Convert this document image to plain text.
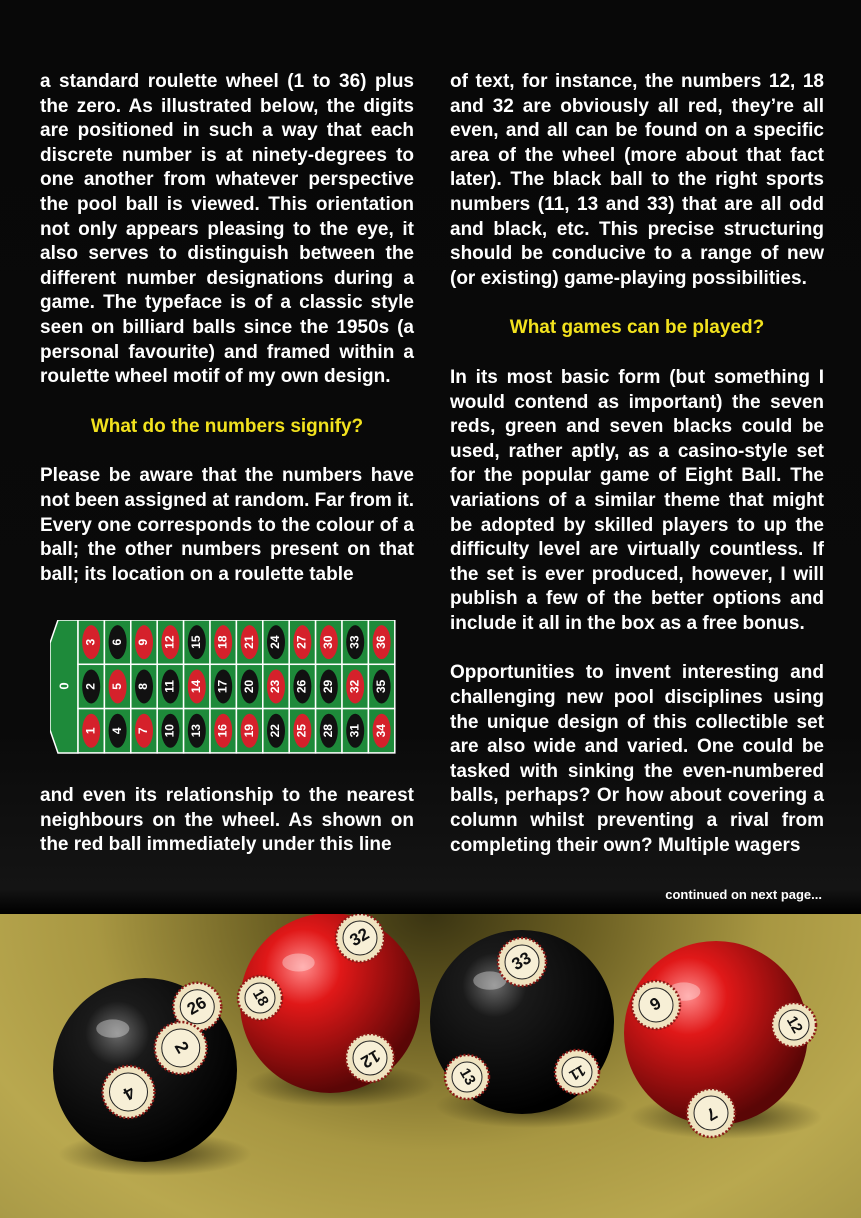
a standard roulette wheel (1 to 36) plus the zero. As illustrated below, the digits are positioned in such a way that each discrete number is at ninety-degrees to one another from whatever perspective the pool ball is viewed. This orientation not only appears pleasing to the eye, it also serves to distinguish between the different number designations during a game. The typeface is of a classic style seen on billiard balls since the 1950s (a personal favourite) and framed within a roulette wheel motif of my own design.

What do the numbers signify?

Please be aware that the numbers have not been assigned at random. Far from it. Every one corresponds to the colour of a ball; the other numbers present on that ball; its location on a roulette table

0
3
2
1
6
5
4
9
8
7
12
11
10
15
14
13
18
17
16
21
20
19
24
23
22
27
26
25
30
29
28
33
32
31
36
35
34

and even its relationship to the nearest neighbours on the wheel. As shown on the red ball immediately under this line

of text, for instance, the numbers 12, 18 and 32 are obviously all red, they’re all even, and all can be found on a specific area of the wheel (more about that fact later). The black ball to the right sports numbers (11, 13 and 33) that are all odd and black, etc. This precise structuring should be conducive to a range of new (or existing) game-playing possibilities.

What games can be played?

In its most basic form (but something I would contend as important) the seven reds, green and seven blacks could be used, rather aptly, as a casino-style set for the popular game of Eight Ball. The variations of a similar theme that might be adopted by skilled players to up the difficulty level are virtually countless. If the set is ever produced, however, I will publish a few of the better options and include it all in the box as a free bonus.

Opportunities to invent interesting and challenging new pool disciplines using the unique design of this collectible set are also wide and varied. One could be tasked with sinking the even-numbered balls, perhaps? Or how about covering a column whilst preventing a rival from completing their own? Multiple wagers

continued on next page...
26
2
4
32
18
12
33
13	11
9
12
7
